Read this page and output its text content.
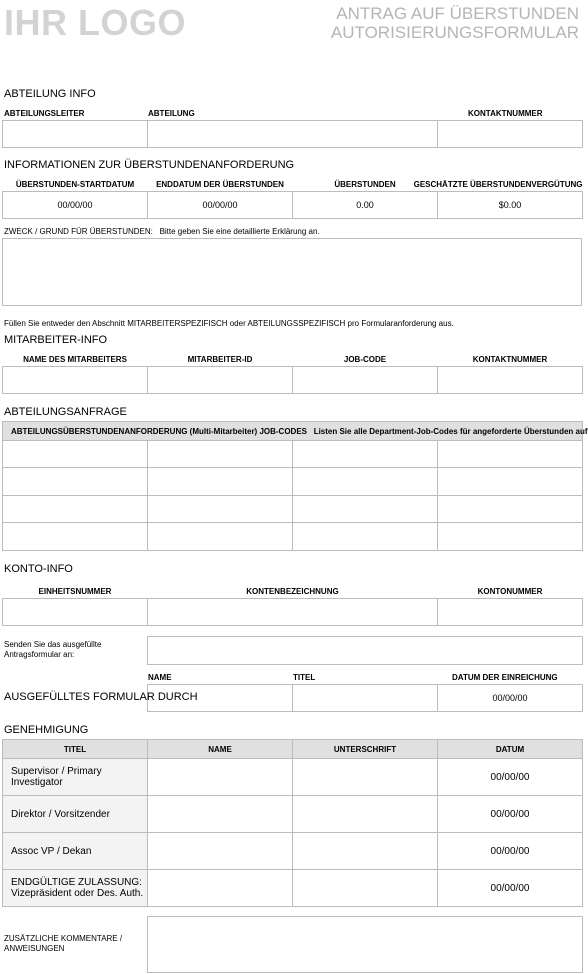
IHR LOGO	ANTRAG AUF ÜBERSTUNDEN
AUTORISIERUNGSFORMULAR
ABTEILUNG INFO
ABTEILUNGSLEITER	ABTEILUNG	KONTAKTNUMMER

INFORMATIONEN ZUR ÜBERSTUNDENANFORDERUNG
ÜBERSTUNDEN-STARTDATUM	ENDDATUM DER ÜBERSTUNDEN	ÜBERSTUNDEN	GESCHÄTZTE ÜBERSTUNDENVERGÜTUNG
00/00/00	00/00/00	0.00	$0.00
ZWECK / GRUND FÜR ÜBERSTUNDEN: Bitte geben Sie eine detaillierte Erklärung an.
Füllen Sie entweder den Abschnitt MITARBEITERSPEZIFISCH oder ABTEILUNGSSPEZIFISCH pro Formularanforderung aus.
MITARBEITER-INFO
NAME DES MITARBEITERS	MITARBEITER-ID	JOB-CODE	KONTAKTNUMMER

ABTEILUNGSANFRAGE
ABTEILUNGSÜBERSTUNDENANFORDERUNG (Multi-Mitarbeiter) JOB-CODES Listen Sie alle Department-Job-Codes für angeforderte Überstunden auf			

KONTO-INFO
EINHEITSNUMMER	KONTENBEZEICHNUNG	KONTONUMMER

Senden Sie das ausgefüllte
Antragsformular an:
NAME	TITEL	DATUM DER EINREICHUNG
		00/00/00
AUSGEFÜLLTES FORMULAR DURCH
GENEHMIGUNG
TITEL	NAME	UNTERSCHRIFT	DATUM

Supervisor / Primary
Investigator			00/00/00

Direktor / Vorsitzender			00/00/00

Assoc VP / Dekan			00/00/00

ENDGÜLTIGE ZULASSUNG:
Vizepräsident oder Des. Auth.			00/00/00
ZUSÄTZLICHE KOMMENTARE /
ANWEISUNGEN
